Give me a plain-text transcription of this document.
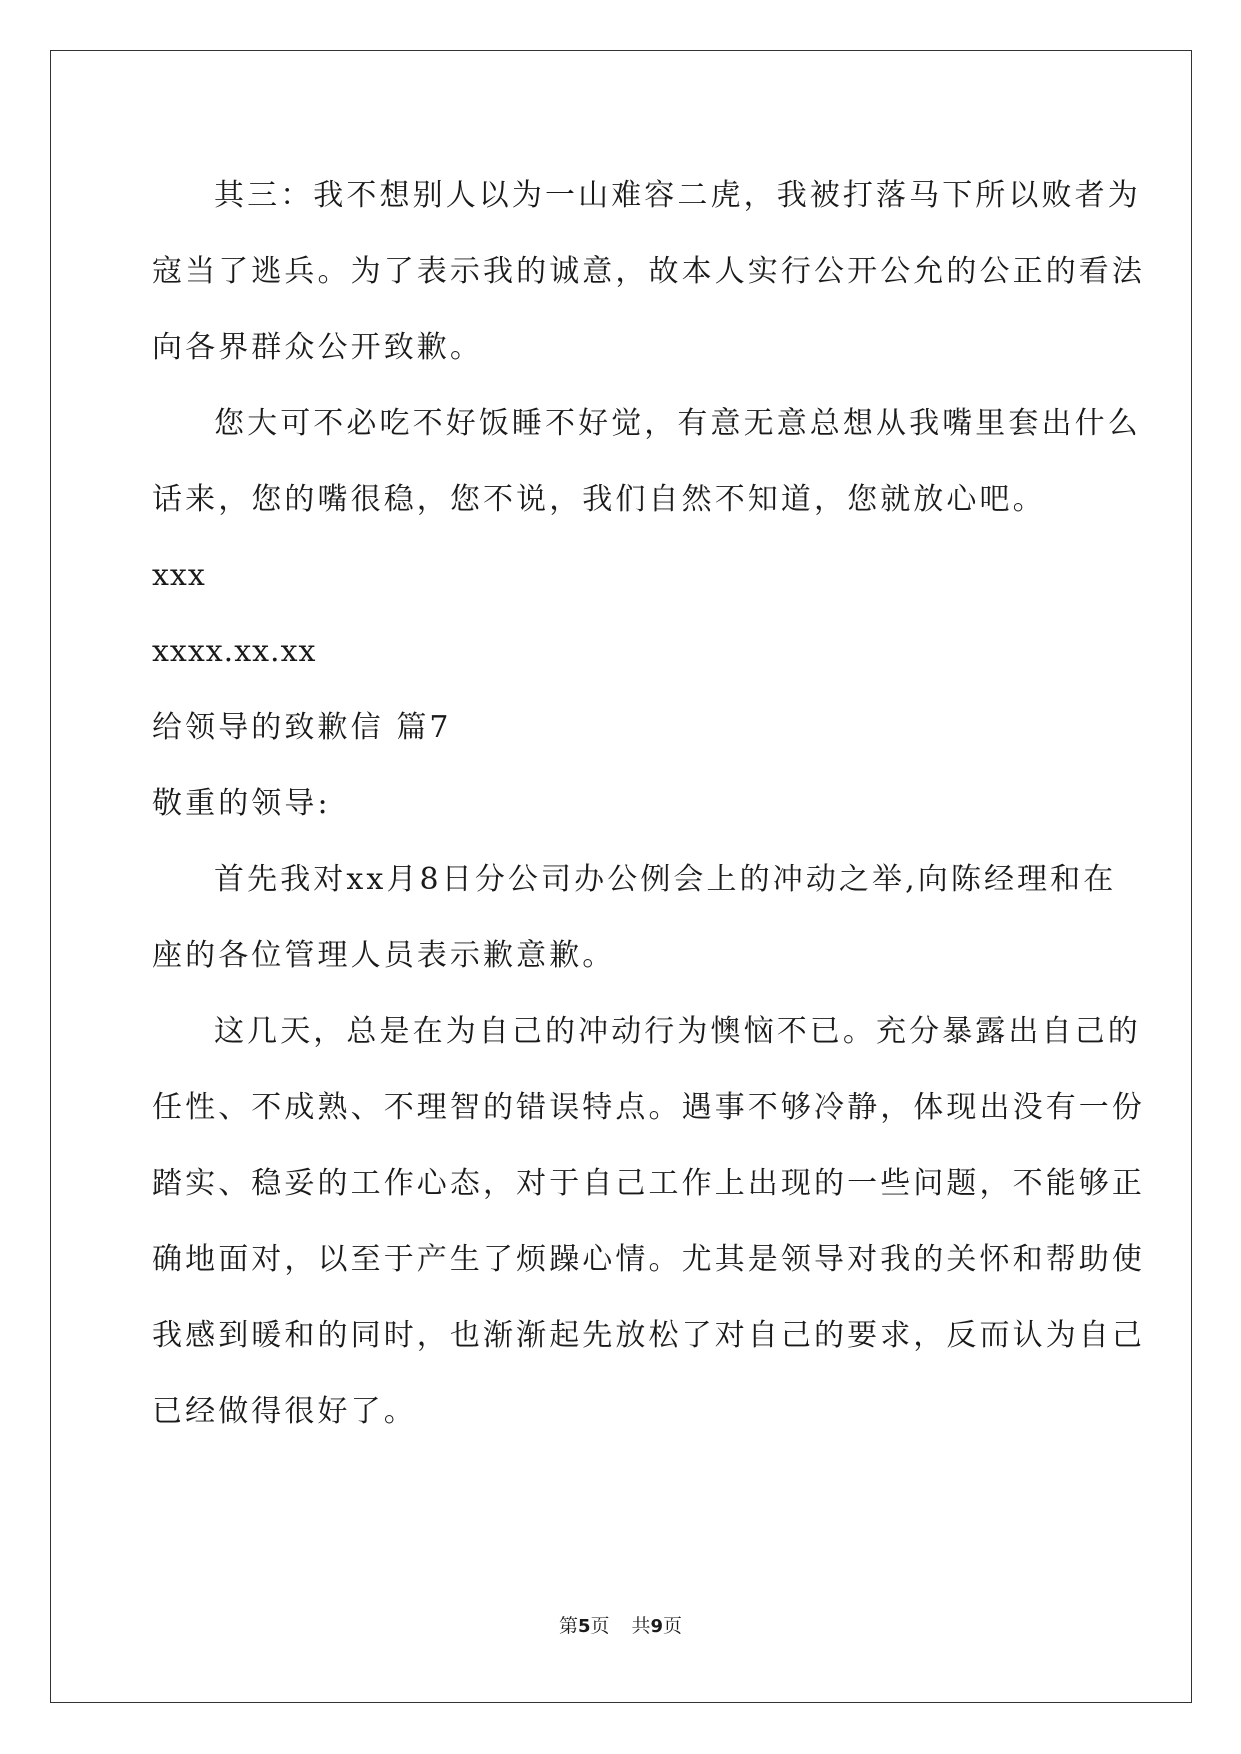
其三：我不想别人以为一山难容二虎，我被打落马下所以败者为
寇当了逃兵。为了表示我的诚意，故本人实行公开公允的公正的看法
向各界群众公开致歉。
您大可不必吃不好饭睡不好觉，有意无意总想从我嘴里套出什么
话来，您的嘴很稳，您不说，我们自然不知道，您就放心吧。
xxx
xxxx.xx.xx
给领导的致歉信 篇7
敬重的领导:
首先我对xx月8日分公司办公例会上的冲动之举,向陈经理和在
座的各位管理人员表示歉意歉。
这几天，总是在为自己的冲动行为懊恼不已。充分暴露出自己的
任性、不成熟、不理智的错误特点。遇事不够冷静，体现出没有一份
踏实、稳妥的工作心态，对于自己工作上出现的一些问题，不能够正
确地面对，以至于产生了烦躁心情。尤其是领导对我的关怀和帮助使
我感到暖和的同时，也渐渐起先放松了对自己的要求，反而认为自己
已经做得很好了。
第5页 共9页
